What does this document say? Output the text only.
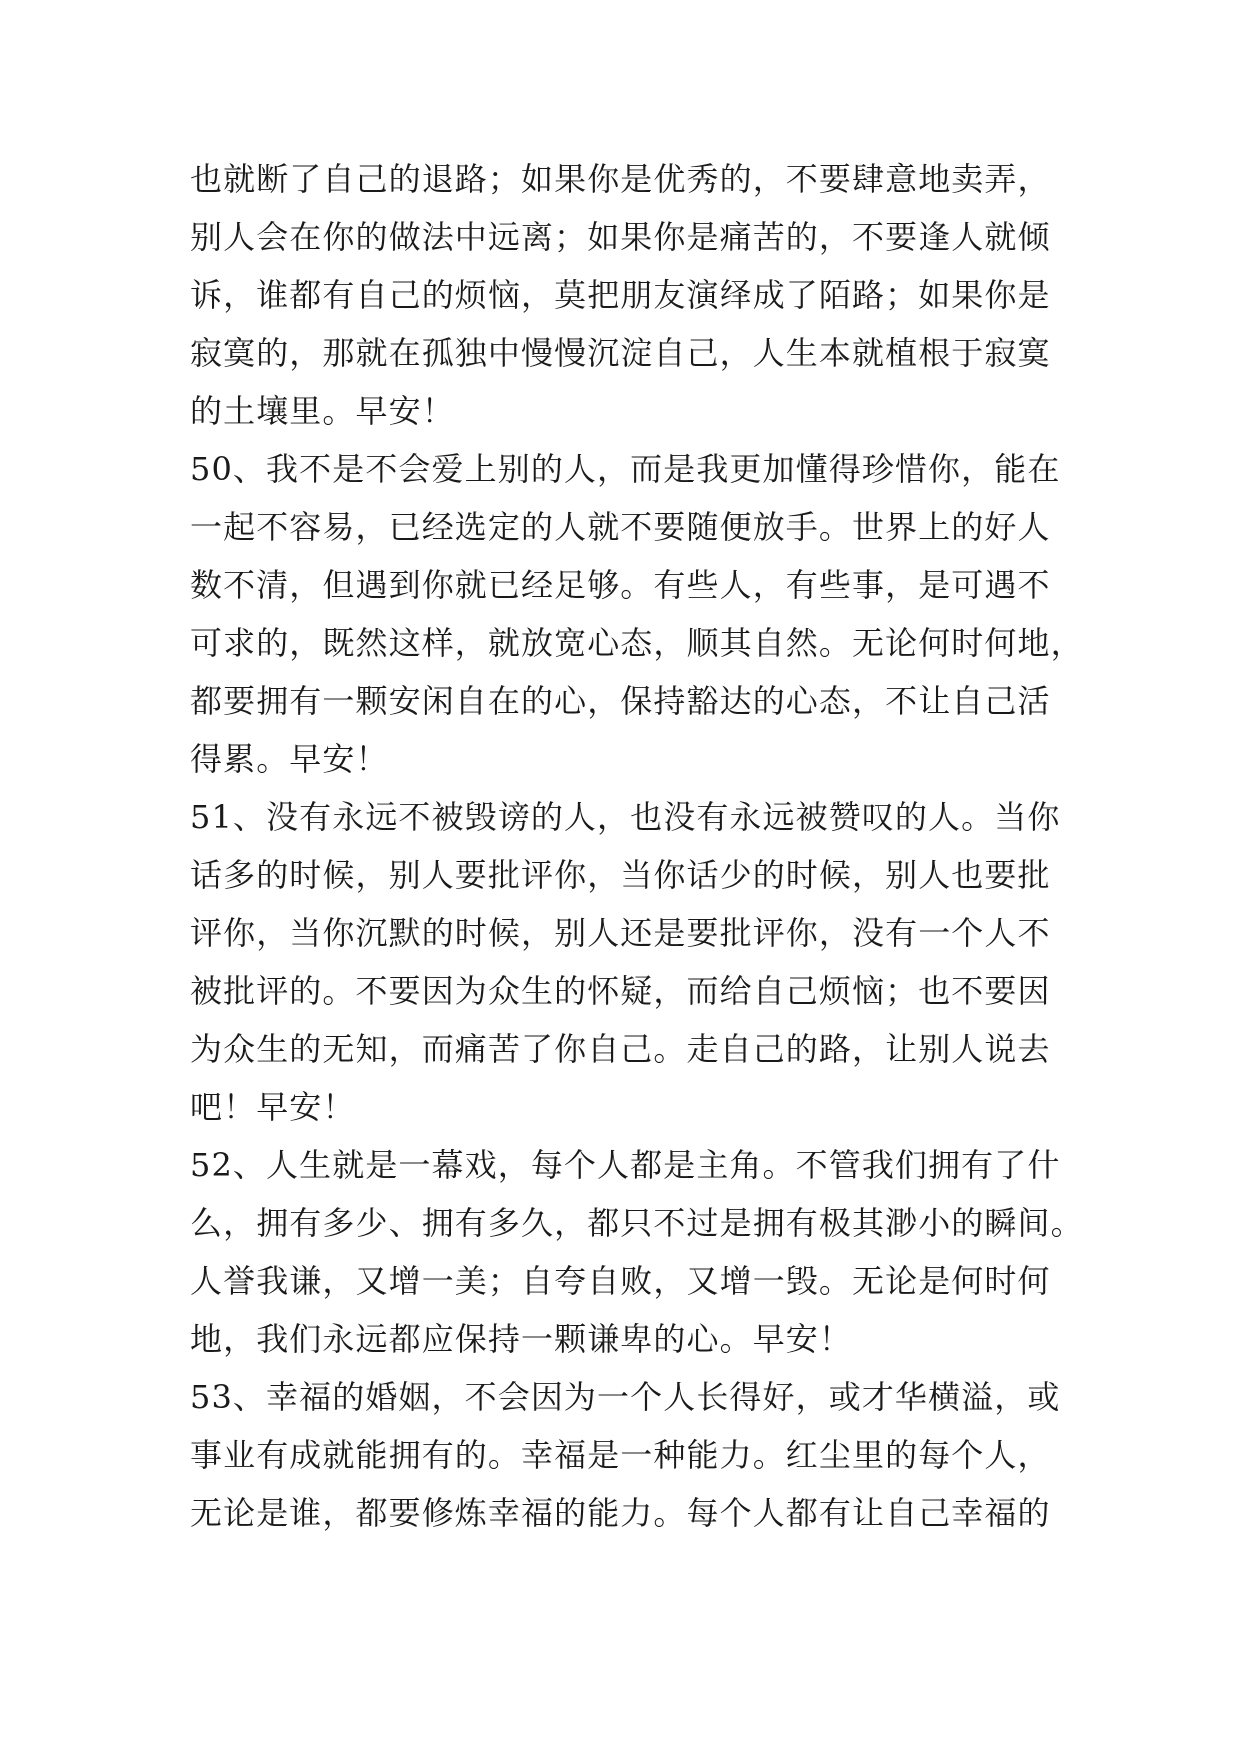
也就断了自己的退路；如果你是优秀的，不要肆意地卖弄，
别人会在你的做法中远离；如果你是痛苦的，不要逢人就倾
诉，谁都有自己的烦恼，莫把朋友演绎成了陌路；如果你是
寂寞的，那就在孤独中慢慢沉淀自己，人生本就植根于寂寞
的土壤里。早安！
50、我不是不会爱上别的人，而是我更加懂得珍惜你，能在
一起不容易，已经选定的人就不要随便放手。世界上的好人
数不清，但遇到你就已经足够。有些人，有些事，是可遇不
可求的，既然这样，就放宽心态，顺其自然。无论何时何地，
都要拥有一颗安闲自在的心，保持豁达的心态，不让自己活
得累。早安！
51、没有永远不被毁谤的人，也没有永远被赞叹的人。当你
话多的时候，别人要批评你，当你话少的时候，别人也要批
评你，当你沉默的时候，别人还是要批评你，没有一个人不
被批评的。不要因为众生的怀疑，而给自己烦恼；也不要因
为众生的无知，而痛苦了你自己。走自己的路，让别人说去
吧！早安！
52、人生就是一幕戏，每个人都是主角。不管我们拥有了什
么，拥有多少、拥有多久，都只不过是拥有极其渺小的瞬间。
人誉我谦，又增一美；自夸自败，又增一毁。无论是何时何
地，我们永远都应保持一颗谦卑的心。早安！
53、幸福的婚姻，不会因为一个人长得好，或才华横溢，或
事业有成就能拥有的。幸福是一种能力。红尘里的每个人，
无论是谁，都要修炼幸福的能力。每个人都有让自己幸福的
